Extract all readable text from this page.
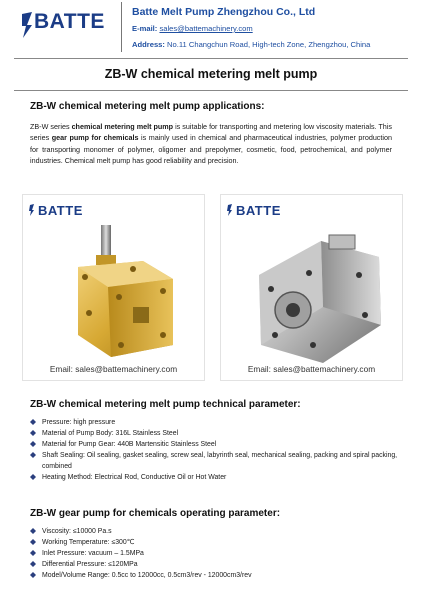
BATTE	Batte Melt Pump Zhengzhou Co., Ltd
E-mail: sales@battemachinery.com
Address: No.11 Changchun Road, High-tech Zone, Zhengzhou, China
ZB-W chemical metering melt pump
ZB-W chemical metering melt pump applications:
ZB-W series chemical metering melt pump is suitable for transporting and metering low viscosity materials. This series gear pump for chemicals is mainly used in chemical and pharmaceutical industries, polymer production for transporting monomer of polymer, oligomer and prepolymer, cosmetic, food, petrochemical, and polymer industries. Chemical melt pump has good reliability and precision.
BATTE
Email: sales@battemachinery.com
BATTE
Email: sales@battemachinery.com
ZB-W chemical metering melt pump technical parameter:
Pressure: high pressure
Material of Pump Body: 316L Stainless Steel
Material for Pump Gear: 440B Martensitic Stainless Steel
Shaft Sealing: Oil sealing, gasket sealing, screw seal, labyrinth seal, mechanical sealing, packing and spiral packing, combined
Heating Method: Electrical Rod, Conductive Oil or Hot Water
ZB-W gear pump for chemicals operating parameter:
Viscosity: ≤10000 Pa.s
Working Temperature: ≤300℃
Inlet Pressure: vacuum – 1.5MPa
Differential Pressure: ≤120MPa
Model/Volume Range: 0.5cc to 12000cc, 0.5cm3/rev - 12000cm3/rev
